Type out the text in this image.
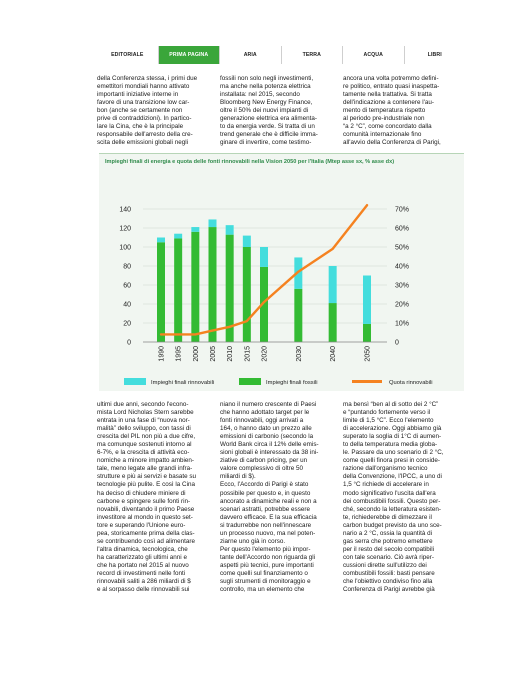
EDITORIALE	PRIMA PAGINA	ARIA	TERRA	ACQUA	LIBRI

della Conferenza stessa, i primi due

emettitori mondiali hanno attivato

importanti iniziative interne in

favore di una transizione low car-

bon (anche se certamente non

prive di contraddizioni). In partico-

lare la Cina, che è la principale

responsabile dell'arresto della cre-

scita delle emissioni globali negli

fossili non solo negli investimenti,

ma anche nella potenza elettrica

installata: nel 2015, secondo

Bloomberg New Energy Finance,

oltre il 50% dei nuovi impianti di

generazione elettrica era alimenta-

to da energia verde. Si tratta di un

trend generale che è difficile imma-

ginare di invertire, come testimo-

ancora una volta potremmo defini-

re politico, entrato quasi inaspetta-

tamente nella trattativa. Si tratta

dell'indicazione a contenere l'au-

mento di temperatura rispetto

al periodo pre-industriale non

“a 2 °C”, come concordato dalla

comunità internazionale fino

all'avvio della Conferenza di Parigi,

Impieghi finali di energia e quota delle fonti rinnovabili nella Vision 2050 per l'Italia (Mtep asse sx, % asse dx)
0
20
40
60
80
100
120
140
0
10%
20%
30%
40%
50%
60%
70%
1990 1995 2000 2005 2010 2015 2020	2030	2040	2050
Impieghi finali rinnovabili	Impieghi finali fossili	Quota rinnovabili

ultimi due anni, secondo l'econo-

mista Lord Nicholas Stern sarebbe

entrata in una fase di “nuova nor-

malità” dello sviluppo, con tassi di

crescita del PIL non più a due cifre,

ma comunque sostenuti intorno al

6-7%, e la crescita di attività eco-

nomiche a minore impatto ambien-

tale, meno legate alle grandi infra-

strutture e più ai servizi e basate su

tecnologie più pulite. E così la Cina

ha deciso di chiudere miniere di

carbone e spingere sulle fonti rin-

novabili, diventando il primo Paese

investitore al mondo in questo set-

tore e superando l'Unione euro-

pea, storicamente prima della clas-

se contribuendo così ad alimentare

l'altra dinamica, tecnologica, che

ha caratterizzato gli ultimi anni e

che ha portato nel 2015 al nuovo

record di investimenti nelle fonti

rinnovabili saliti a 286 miliardi di $

e al sorpasso delle rinnovabili sui

niano il numero crescente di Paesi

che hanno adottato target per le

fonti rinnovabili, oggi arrivati a

164, o hanno dato un prezzo alle

emissioni di carbonio (secondo la

World Bank circa il 12% delle emis-

sioni globali è interessato da 38 ini-

ziative di carbon pricing, per un

valore complessivo di oltre 50

miliardi di $).

Ecco, l'Accordo di Parigi è stato

possibile per questo e, in questo

ancorato a dinamiche reali e non a

scenari astratti, potrebbe essere

davvero efficace. E la sua efficacia

si tradurrebbe non nell'innescare

un processo nuovo, ma nel poten-

ziarne uno già in corso.

Per questo l'elemento più impor-

tante dell'Accordo non riguarda gli

aspetti più tecnici, pure importanti

come quelli sul finanziamento o

sugli strumenti di monitoraggio e

controllo, ma un elemento che

ma bensì “ben al di sotto dei 2 °C”

e “puntando fortemente verso il

limite di 1,5 °C”. Ecco l'elemento

di accelerazione. Oggi abbiamo già

superato la soglia di 1°C di aumen-

to della temperatura media globa-

le. Passare da uno scenario di 2 °C,

come quelli finora presi in conside-

razione dall'organismo tecnico

della Convenzione, l'IPCC, a uno di

1,5 °C richiede di accelerare in

modo significativo l'uscita dall'era

dei combustibili fossili. Questo per-

ché, secondo la letteratura esisten-

te, richiederebbe di dimezzare il

carbon budget previsto da uno sce-

nario a 2 °C, ossia la quantità di

gas serra che potremo emettere

per il resto del secolo compatibili

con tale scenario. Ciò avrà riper-

cussioni dirette sull'utilizzo dei

combustibili fossili: basti pensare

che l'obiettivo condiviso fino alla

Conferenza di Parigi avrebbe già
